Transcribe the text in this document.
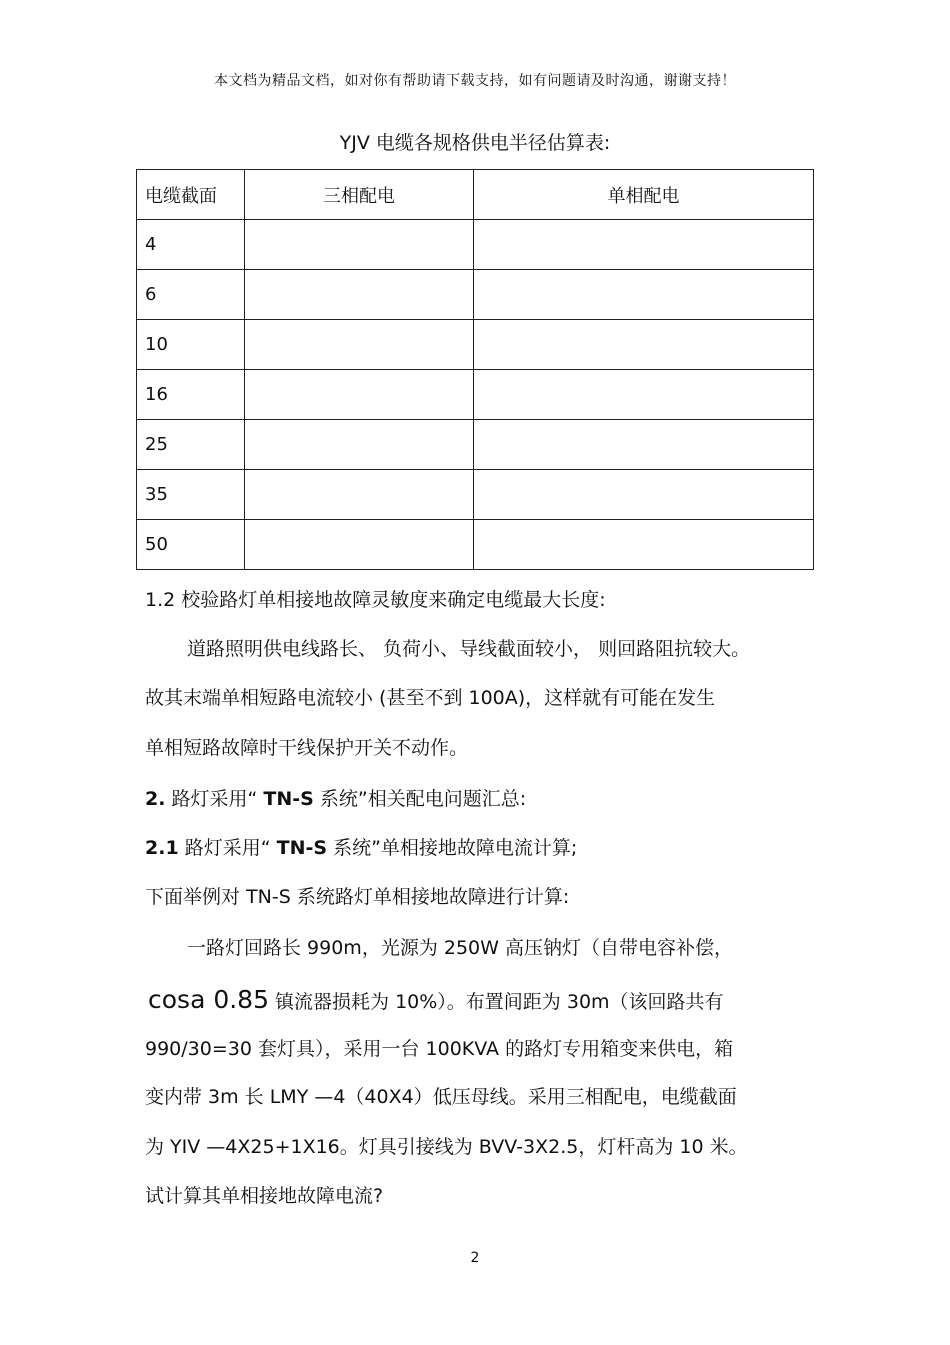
本文档为精品文档，如对你有帮助请下载支持，如有问题请及时沟通，谢谢支持！
YJV 电缆各规格供电半径估算表:
电缆截面	三相配电	单相配电
4		
6		
10		
16		
25		
35		
50		
1.2 校验路灯单相接地故障灵敏度来确定电缆最大长度:
道路照明供电线路长、 负荷小、导线截面较小， 则回路阻抗较大。
故其末端单相短路电流较小 (甚至不到 100A)，这样就有可能在发生
单相短路故障时干线保护开关不动作。
2. 路灯采用“ TN-S 系统”相关配电问题汇总:
2.1 路灯采用“ TN-S 系统”单相接地故障电流计算;
下面举例对 TN-S 系统路灯单相接地故障进行计算:
一路灯回路长 990m，光源为 250W 高压钠灯（自带电容补偿，
cosa 0.85 镇流器损耗为 10%）。布置间距为 30m（该回路共有
990/30=30 套灯具），采用一台 100KVA 的路灯专用箱变来供电，箱
变内带 3m 长 LMY —4（40X4）低压母线。采用三相配电，电缆截面
为 YIV —4X25+1X16。灯具引接线为 BVV-3X2.5，灯杆高为 10 米。
试计算其单相接地故障电流?
2
